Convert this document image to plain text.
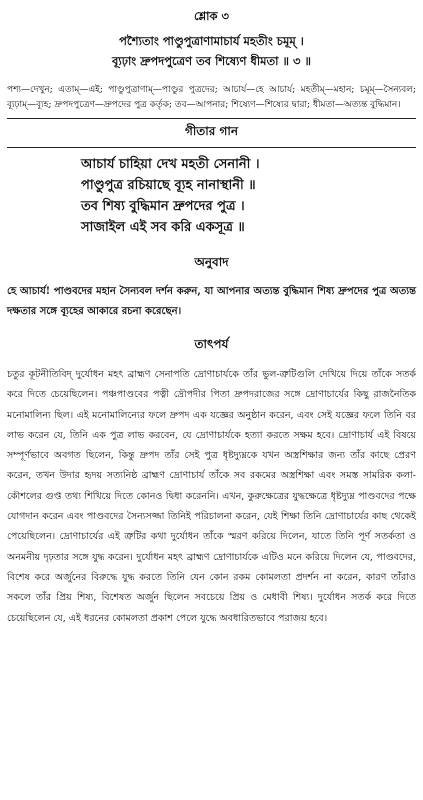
শ্লোক ৩
পশ্যৈতাং পাণ্ডুপুত্রাণামাচার্য মহতীং চমূম্‌ ।
ব্যূঢ়াং দ্রুপদপুত্রেণ তব শিষ্যেণ ধীমতা ॥ ৩ ॥
পশ্য—দেখুন; এতাম্‌—এই; পাণ্ডুপুত্রাণাম্‌—পাণ্ডুর পুত্রদের; আচার্য—হে আচার্য; মহতীম্‌—মহান; চমূম্‌—সৈন্যবল; ব্যূঢ়াম্‌—ব্যূহ; দ্রুপদপুত্রেণ—দ্রুপদের পুত্র কর্তৃক; তব—আপনার; শিষ্যেণ—শিষ্যের দ্বারা; ধীমতা—অত্যন্ত বুদ্ধিমান।
গীতার গান
আচার্য চাহিয়া দেখ মহতী সেনানী ।
পাণ্ডুপুত্র রচিয়াছে ব্যূহ নানাস্থানী ॥
তব শিষ্য বুদ্ধিমান দ্রুপদের পুত্র ।
সাজাইল এই সব করি একসূত্র ॥
অনুবাদ
হে আচার্য! পাণ্ডবদের মহান সৈন্যবল দর্শন করুন, যা আপনার অত্যন্ত বুদ্ধিমান শিষ্য দ্রুপদের পুত্র অত্যন্ত দক্ষতার সঙ্গে ব্যূহের আকারে রচনা করেছেন।
তাৎপর্য
চতুর কূটনীতিবিদ্‌ দুর্যোধন মহৎ ব্রাহ্মণ সেনাপতি দ্রোণাচার্যকে তাঁর ভুল-ত্রুটিগুলি দেখিয়ে দিয়ে তাঁকে সতর্ক করে দিতে চেয়েছিলেন। পঞ্চপাণ্ডবের পত্নী দ্রৌপদীর পিতা দ্রুপদরাজের সঙ্গে দ্রোণাচার্যের কিছু রাজনৈতিক মনোমালিন্য ছিল। এই মনোমালিন্যের ফলে দ্রুপদ এক যজ্ঞের অনুষ্ঠান করেন, এবং সেই যজ্ঞের ফলে তিনি বর লাভ করেন যে, তিনি এক পুত্র লাভ করবেন, যে দ্রোণাচার্যকে হত্যা করতে সক্ষম হবে। দ্রোণাচার্য এই বিষয়ে সম্পূর্ণভাবে অবগত ছিলেন, কিন্তু দ্রুপদ তাঁর সেই পুত্র ধৃষ্টদ্যুম্নকে যখন অস্ত্রশিক্ষার জন্য তাঁর কাছে প্রেরণ করেন, তখন উদার হৃদয় সত্যনিষ্ঠ ব্রাহ্মণ দ্রোণাচার্য তাঁকে সব রকমের অস্ত্রশিক্ষা এবং সমস্ত সামরিক কলা-কৌশলের গুপ্ত তথ্য শিখিয়ে দিতে কোনও দ্বিধা করেননি। এখন, কুরুক্ষেত্রের যুদ্ধক্ষেত্রে ধৃষ্টদ্যুম্ন পাণ্ডবদের পক্ষে যোগদান করেন এবং পাণ্ডবদের সৈন্যসজ্জা তিনিই পরিচালনা করেন, যেই শিক্ষা তিনি দ্রোণাচার্যের কাছ থেকেই পেয়েছিলেন। দ্রোণাচার্যের এই ত্রুটির কথা দুর্যোধন তাঁকে স্মরণ করিয়ে দিলেন, যাতে তিনি পূর্ণ সতর্কতা ও অনমনীয় দৃঢ়তার সঙ্গে যুদ্ধ করেন। দুর্যোধন মহৎ ব্রাহ্মণ দ্রোণাচার্যকে এটিও মনে করিয়ে দিলেন যে, পাণ্ডবদের, বিশেষ করে অর্জুনের বিরুদ্ধে যুদ্ধ করতে তিনি যেন কোন রকম কোমলতা প্রদর্শন না করেন, কারণ তাঁরাও সকলে তাঁর প্রিয় শিষ্য, বিশেষত অর্জুন ছিলেন সবচেয়ে প্রিয় ও মেধাবী শিষ্য। দুর্যোধন সতর্ক করে দিতে চেয়েছিলেন যে, এই ধরনের কোমলতা প্রকাশ পেলে যুদ্ধে অবধারিতভাবে পরাজয় হবে।
